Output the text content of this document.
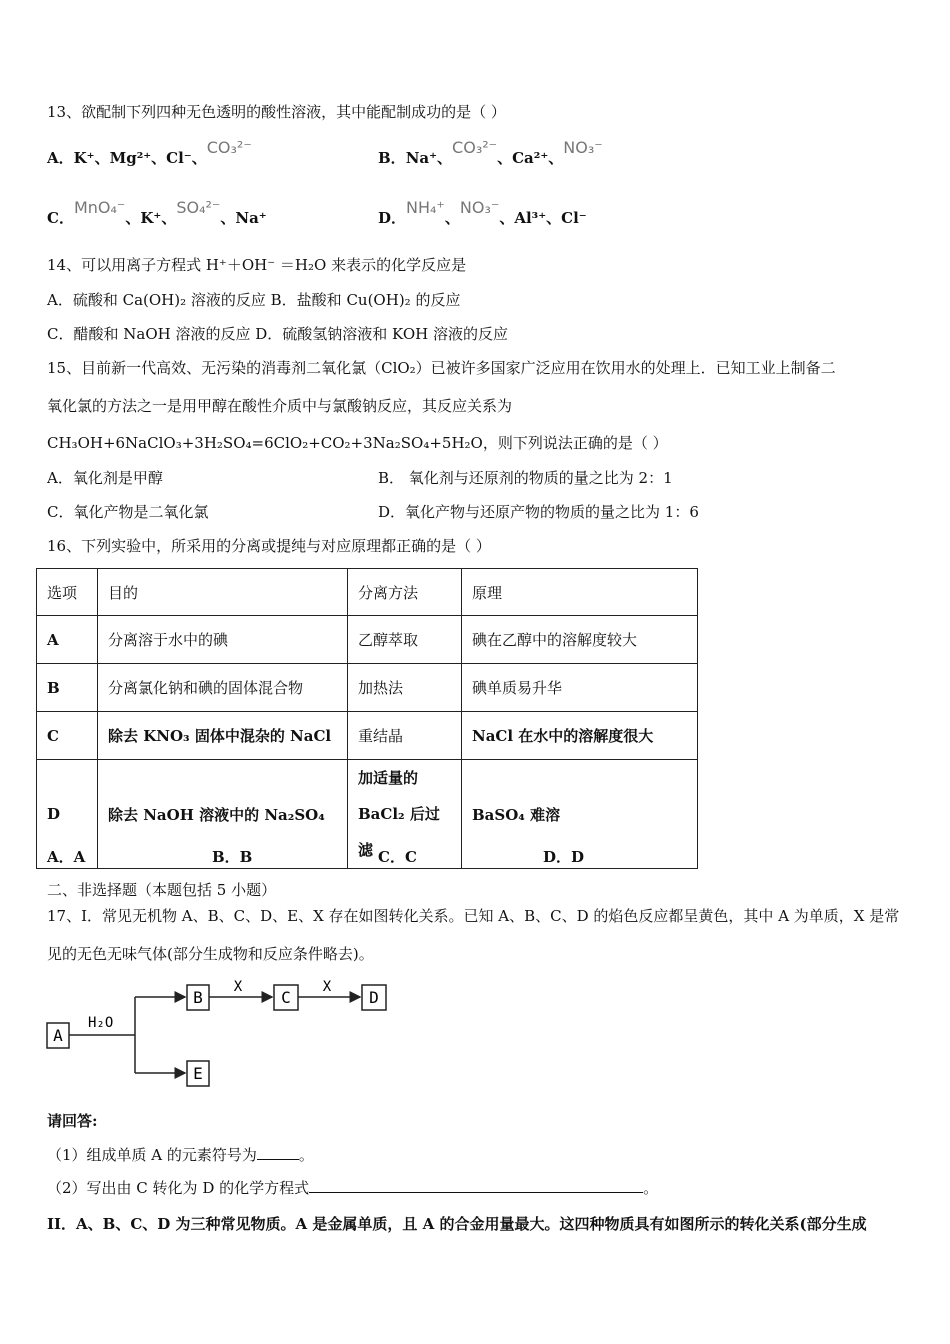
13、欲配制下列四种无色透明的酸性溶液，其中能配制成功的是（ ）
A．K⁺、Mg²⁺、Cl⁻、CO₃²⁻
B．Na⁺、CO₃²⁻、Ca²⁺、NO₃⁻
C．MnO₄⁻、K⁺、SO₄²⁻、Na⁺	D．NH₄⁺、NO₃⁻、Al³⁺、Cl⁻
14、可以用离子方程式 H⁺＋OH⁻ ＝H₂O 来表示的化学反应是
A．硫酸和 Ca(OH)₂ 溶液的反应 B．盐酸和 Cu(OH)₂ 的反应
C．醋酸和 NaOH 溶液的反应 D．硫酸氢钠溶液和 KOH 溶液的反应
15、目前新一代高效、无污染的消毒剂二氧化氯（ClO₂）已被许多国家广泛应用在饮用水的处理上．已知工业上制备二
氧化氯的方法之一是用甲醇在酸性介质中与氯酸钠反应，其反应关系为
CH₃OH+6NaClO₃+3H₂SO₄=6ClO₂+CO₂+3Na₂SO₄+5H₂O，则下列说法正确的是（ ）
A．氧化剂是甲醇	B． 氧化剂与还原剂的物质的量之比为 2：1
C．氧化产物是二氧化氯	D．氧化产物与还原产物的物质的量之比为 1：6
16、下列实验中，所采用的分离或提纯与对应原理都正确的是（ ）
选项	目的	分离方法	原理
A	分离溶于水中的碘	乙醇萃取	碘在乙醇中的溶解度较大
B	分离氯化钠和碘的固体混合物	加热法	碘单质易升华
C	除去 KNO₃ 固体中混杂的 NaCl	重结晶	NaCl 在水中的溶解度很大
D	除去 NaOH 溶液中的 Na₂SO₄	加适量的
BaCl₂ 后过滤	BaSO₄ 难溶
A．A	B．B	C．C	D．D
二、非选择题（本题包括 5 小题）
17、I．常见无机物 A、B、C、D、E、X 存在如图转化关系。已知 A、B、C、D 的焰色反应都呈黄色，其中 A 为单质，X 是常
见的无色无味气体(部分生成物和反应条件略去)。
A
H₂O
B
X
C
X
D
E
请回答:
（1）组成单质 A 的元素符号为	。
（2）写出由 C 转化为 D 的化学方程式	。
II．A、B、C、D 为三种常见物质。A 是金属单质，且 A 的合金用量最大。这四种物质具有如图所示的转化关系(部分生成
